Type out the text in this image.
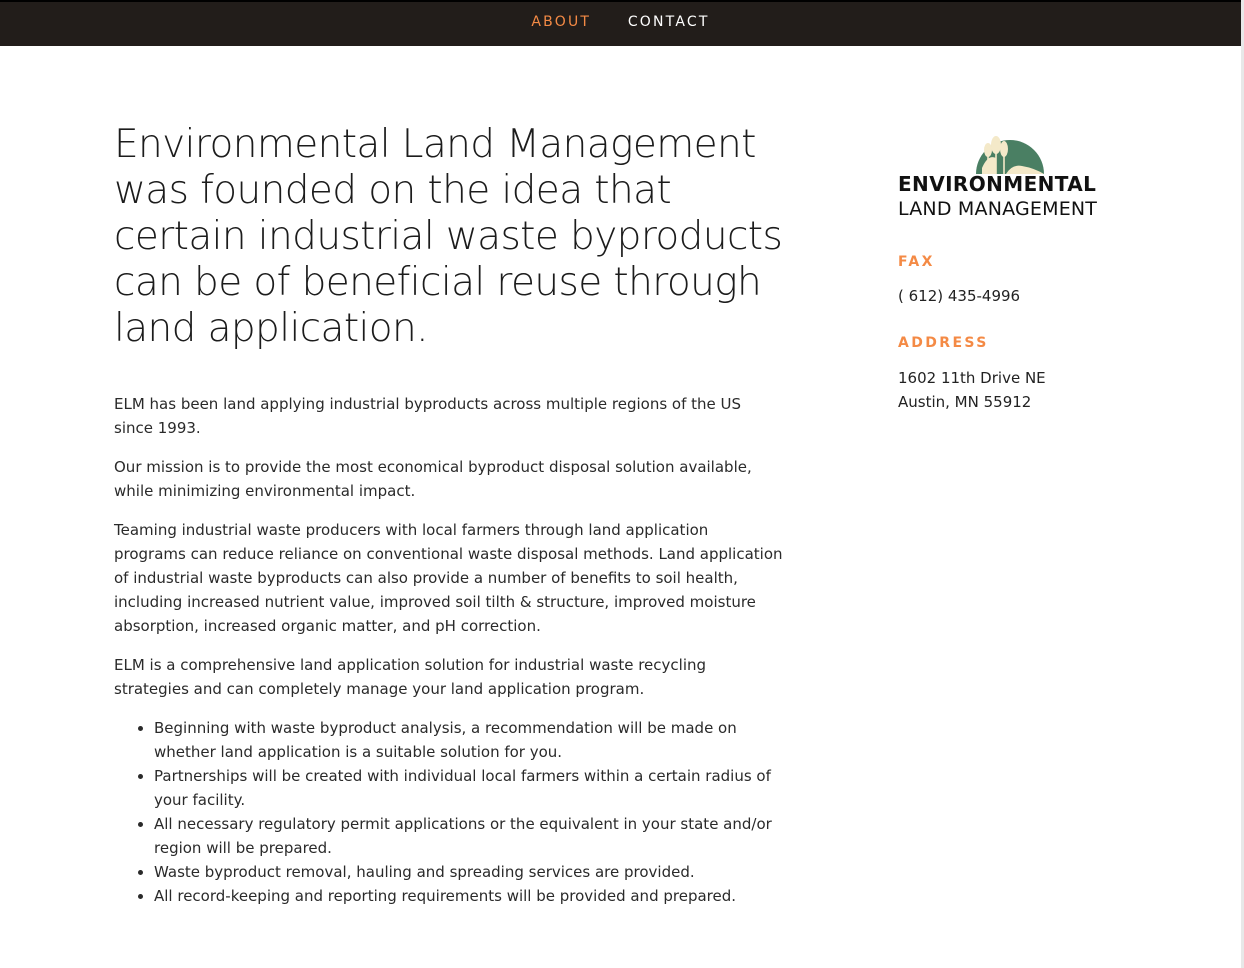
ABOUT	CONTACT
Environmental Land Management was founded on the idea that certain industrial waste byproducts can be of beneficial reuse through land application.

ELM has been land applying industrial byproducts across multiple regions of the US since 1993.

Our mission is to provide the most economical byproduct disposal solution available, while minimizing environmental impact.

Teaming industrial waste producers with local farmers through land application programs can reduce reliance on conventional waste disposal methods. Land application of industrial waste byproducts can also provide a number of benefits to soil health, including increased nutrient value, improved soil tilth & structure, improved moisture absorption, increased organic matter, and pH correction.

ELM is a comprehensive land application solution for industrial waste recycling strategies and can completely manage your land application program.

• Beginning with waste byproduct analysis, a recommendation will be made on whether land application is a suitable solution for you.
• Partnerships will be created with individual local farmers within a certain radius of your facility.
• All necessary regulatory permit applications or the equivalent in your state and/or region will be prepared.
• Waste byproduct removal, hauling and spreading services are provided.
• All record-keeping and reporting requirements will be provided and prepared.
ENVIRONMENTAL
LAND MANAGEMENT

FAX

( 612) 435-4996

ADDRESS

1602 11th Drive NE

Austin, MN 55912
